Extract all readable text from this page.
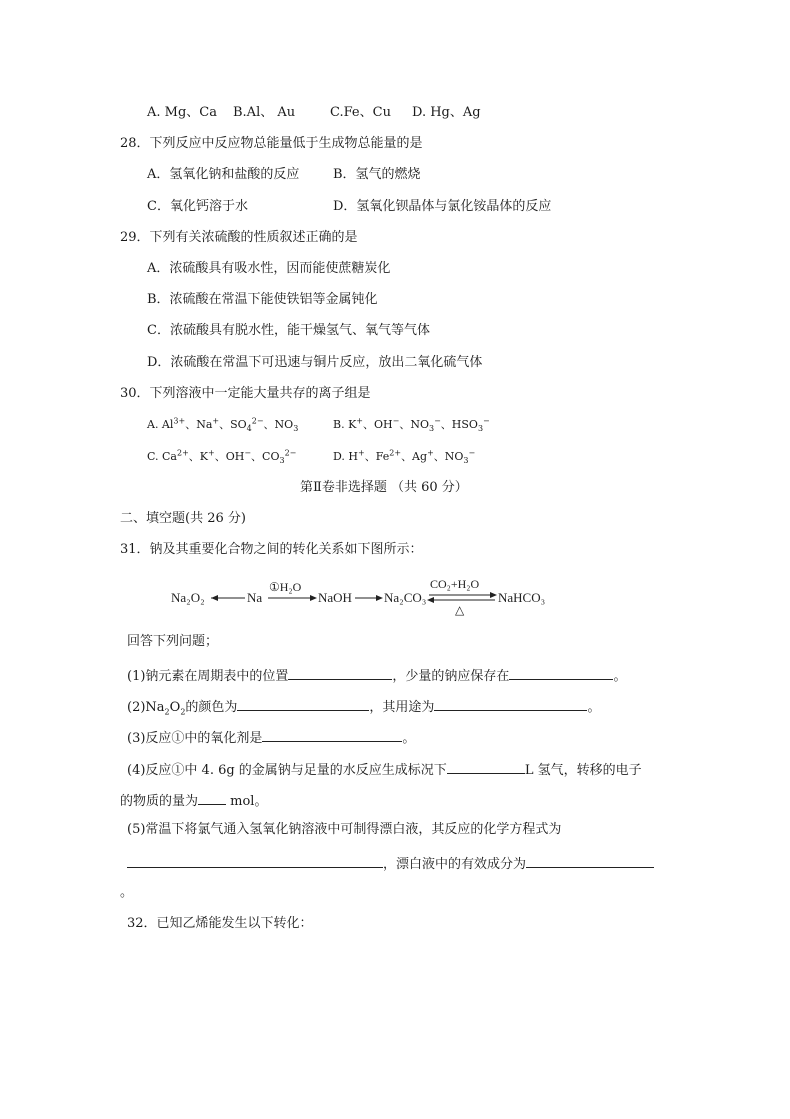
A. Mg、Ca B.Al、 Au	C.Fe、Cu D. Hg、Ag
28．下列反应中反应物总能量低于生成物总能量的是
A．氢氧化钠和盐酸的反应	B．氢气的燃烧
C．氧化钙溶于水	D．氢氧化钡晶体与氯化铵晶体的反应
29．下列有关浓硫酸的性质叙述正确的是
A．浓硫酸具有吸水性，因而能使蔗糖炭化
B．浓硫酸在常温下能使铁铝等金属钝化
C．浓硫酸具有脱水性，能干燥氢气、氧气等气体
D．浓硫酸在常温下可迅速与铜片反应，放出二氧化硫气体
30．下列溶液中一定能大量共存的离子组是
A. $Al^{3+}$、Na+、$SO_4^{2-}$、$NO_3$	B. K+、OH−、$NO_3^-$、$HSO_3^-$
C. $Ca^{2+}$、K+、OH−、$CO_3^{2-}$	D. H+、$Fe^{2+}$、Ag+、$NO_3^-$
第Ⅱ卷非选择题 （共 60 分）
二、填空题(共 26 分)
31．钠及其重要化合物之间的转化关系如下图所示：
Na₂O₂	Na
①H₂O
NaOH Na₂CO₃
CO₂+H₂O
△
NaHCO₃
回答下列问题；
(1)钠元素在周期表中的位置	，少量的钠应保存在	。
$(2)Na_2O_2$的颜色为	，其用途为	。
(3)反应①中的氧化剂是	。
(4)反应①中 4. 6g 的金属钠与足量的水反应生成标况下	L 氢气，转移的电子
的物质的量为 mol。
(5)常温下将氯气通入氢氧化钠溶液中可制得漂白液，其反应的化学方程式为
，漂白液中的有效成分为
。
32．已知乙烯能发生以下转化：
